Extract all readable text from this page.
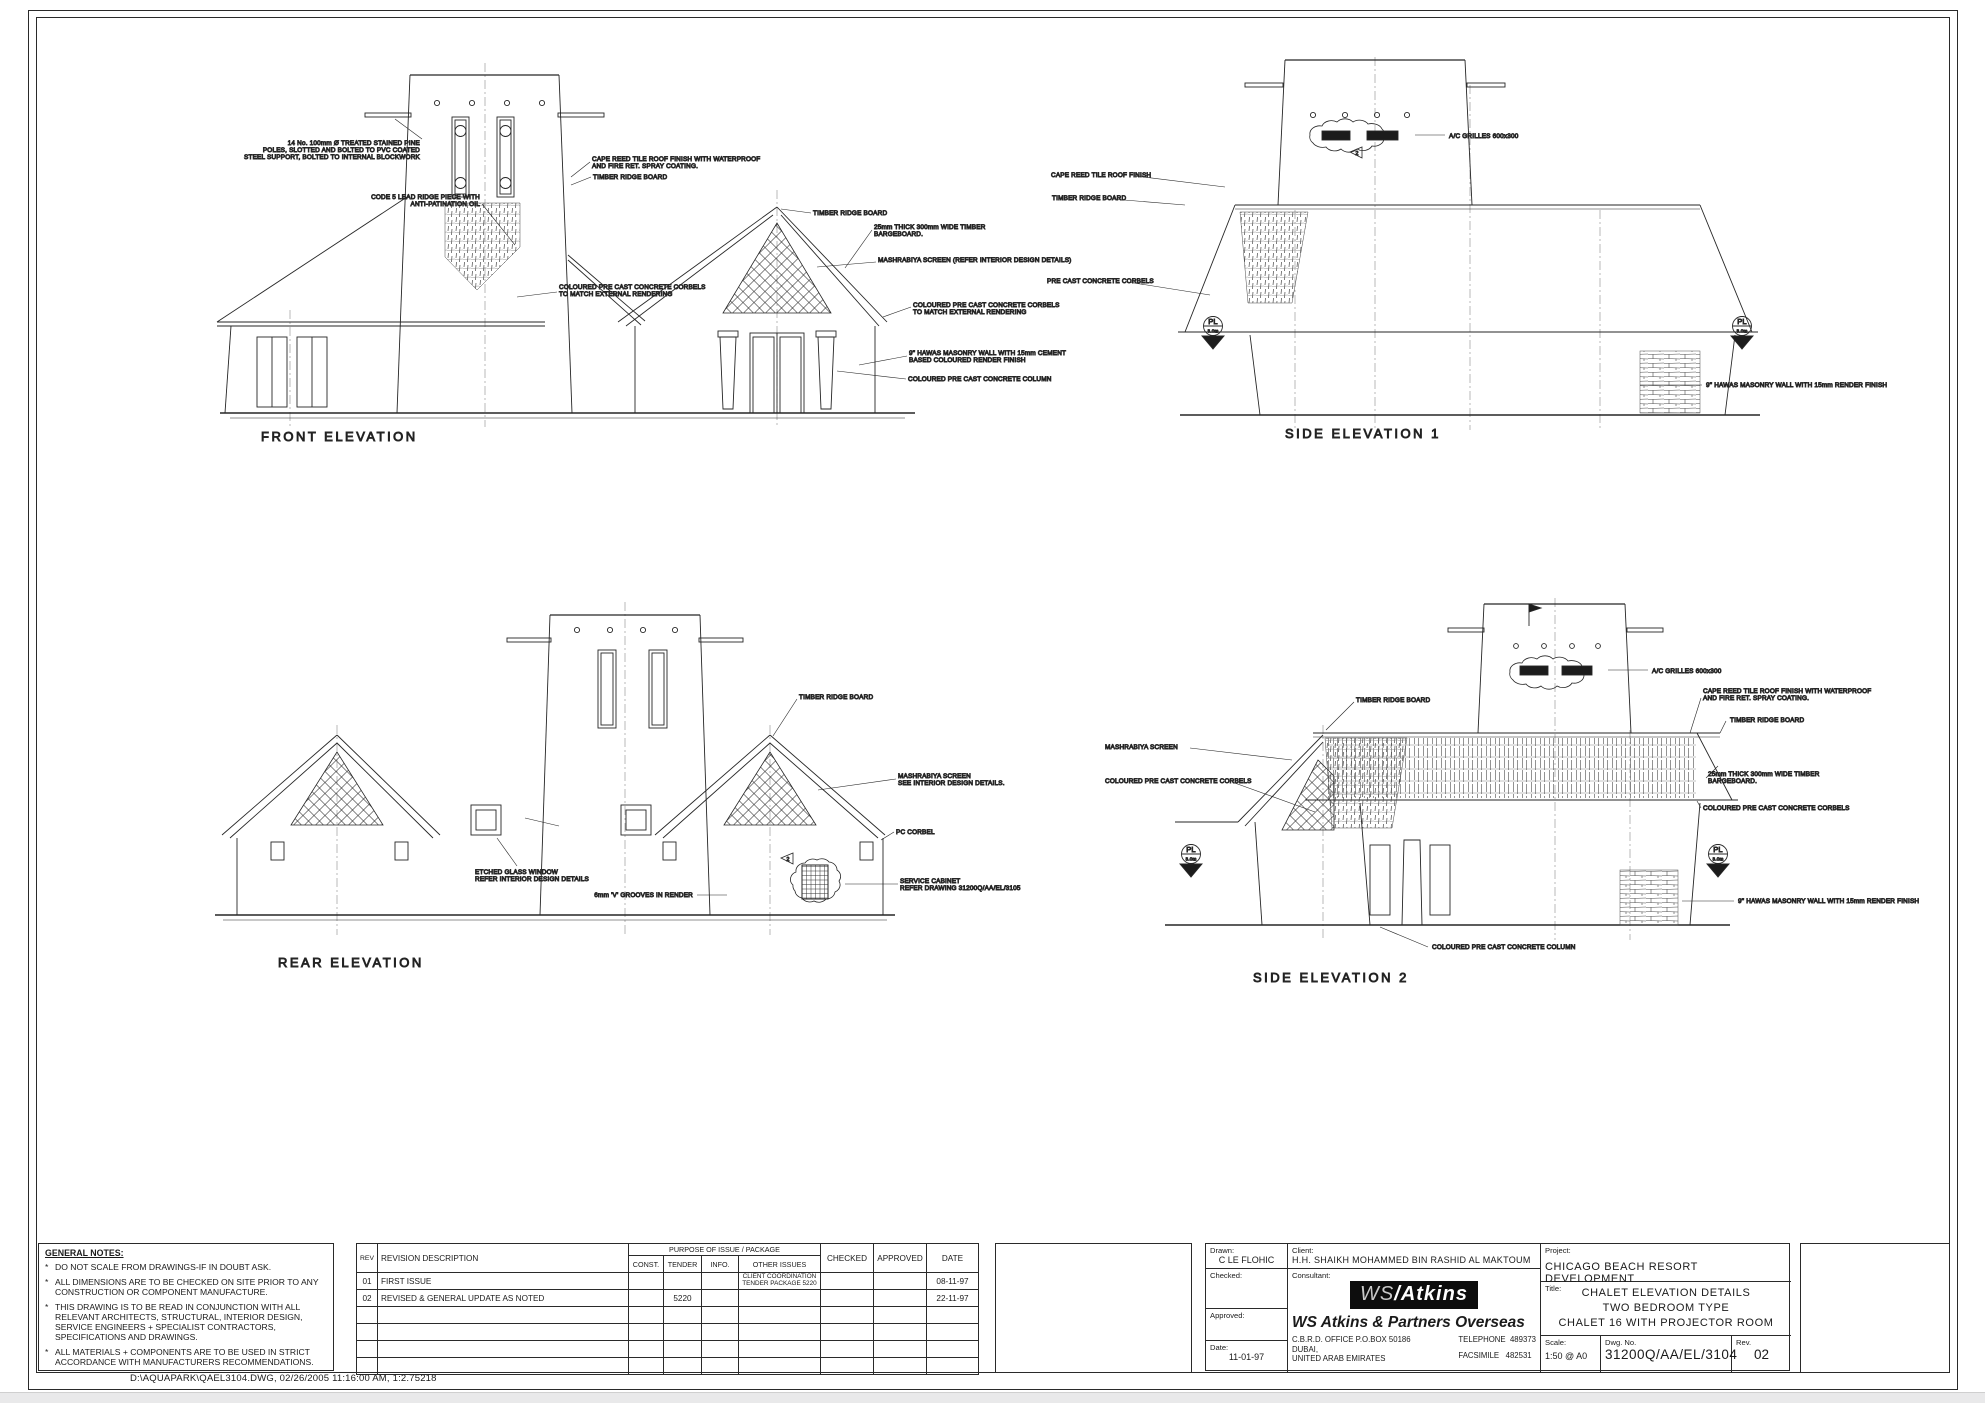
14 No. 100mm Ø TREATED STAINED PINE
POLES, SLOTTED AND BOLTED TO PVC COATED
STEEL SUPPORT, BOLTED TO INTERNAL BLOCKWORK
CODE 5 LEAD RIDGE PIECE WITH
ANTI-PATINATION OIL
CAPE REED TILE ROOF FINISH WITH WATERPROOF
AND FIRE RET. SPRAY COATING.
TIMBER RIDGE BOARD
TIMBER RIDGE BOARD
25mm THICK 300mm WIDE TIMBER
BARGEBOARD.
MASHRABIYA SCREEN (REFER INTERIOR DESIGN DETAILS)
COLOURED PRE CAST CONCRETE CORBELS
TO MATCH EXTERNAL RENDERING
COLOURED PRE CAST CONCRETE CORBELS
TO MATCH EXTERNAL RENDERING
9" HAWAS MASONRY WALL WITH 15mm CEMENT
BASED COLOURED RENDER FINISH
COLOURED PRE CAST CONCRETE COLUMN
FRONT ELEVATION
2
PL
3.0m
PL
3.0m
CAPE REED TILE ROOF FINISH
TIMBER RIDGE BOARD
PRE CAST CONCRETE CORBELS
A/C GRILLES 600x300
9" HAWAS MASONRY WALL WITH 15mm RENDER FINISH
SIDE ELEVATION 1
2
TIMBER RIDGE BOARD
MASHRABIYA SCREEN
SEE INTERIOR DESIGN DETAILS.
PC CORBEL
SERVICE CABINET
REFER DRAWING 31200Q/AA/EL/3105
6mm 'V' GROOVES IN RENDER
ETCHED GLASS WINDOW
REFER INTERIOR DESIGN DETAILS
REAR ELEVATION
PL
3.0m
PL
3.0m
TIMBER RIDGE BOARD
MASHRABIYA SCREEN
COLOURED PRE CAST CONCRETE CORBELS
A/C GRILLES 600x300
CAPE REED TILE ROOF FINISH WITH WATERPROOF
AND FIRE RET. SPRAY COATING.
TIMBER RIDGE BOARD
25mm THICK 300mm WIDE TIMBER
BARGEBOARD.
COLOURED PRE CAST CONCRETE CORBELS
9" HAWAS MASONRY WALL WITH 15mm RENDER FINISH
COLOURED PRE CAST CONCRETE COLUMN
SIDE ELEVATION 2
GENERAL NOTES:
* DO NOT SCALE FROM DRAWINGS-IF IN DOUBT ASK.
* ALL DIMENSIONS ARE TO BE CHECKED ON SITE PRIOR TO ANY CONSTRUCTION OR COMPONENT MANUFACTURE.
* THIS DRAWING IS TO BE READ IN CONJUNCTION WITH ALL RELEVANT ARCHITECTS, STRUCTURAL, INTERIOR DESIGN, SERVICE ENGINEERS + SPECIALIST CONTRACTORS, SPECIFICATIONS AND DRAWINGS.
* ALL MATERIALS + COMPONENTS ARE TO BE USED IN STRICT ACCORDANCE WITH MANUFACTURERS RECOMMENDATIONS.
REV	REVISION DESCRIPTION	PURPOSE OF ISSUE / PACKAGE				CHECKED	APPROVED	DATE
		CONST.	TENDER	INFO.	OTHER ISSUES			
01	FIRST ISSUE				CLIENT COORDINATION
TENDER PACKAGE 5220			08-11-97
02	REVISED & GENERAL UPDATE AS NOTED		5220					22-11-97

Drawn:
C LE FLOHIC
Checked:
Approved:
Date:
11-01-97
Client:
H.H. SHAIKH MOHAMMED BIN RASHID AL MAKTOUM
Consultant:
WS/Atkins
WS Atkins & Partners Overseas
C.B.R.D. OFFICE P.O.BOX 50186
DUBAI,
UNITED ARAB EMIRATES
TELEPHONE 489373
FACSIMILE 482531
Project:
CHICAGO BEACH RESORT DEVELOPMENT
Title:	CHALET ELEVATION DETAILS
TWO BEDROOM TYPE
CHALET 16 WITH PROJECTOR ROOM
Scale:
1:50 @ A0
Dwg. No.
31200Q/AA/EL/3104
Rev.
02
D:\AQUAPARK\QAEL3104.DWG, 02/26/2005 11:16:00 AM, 1:2.75218
